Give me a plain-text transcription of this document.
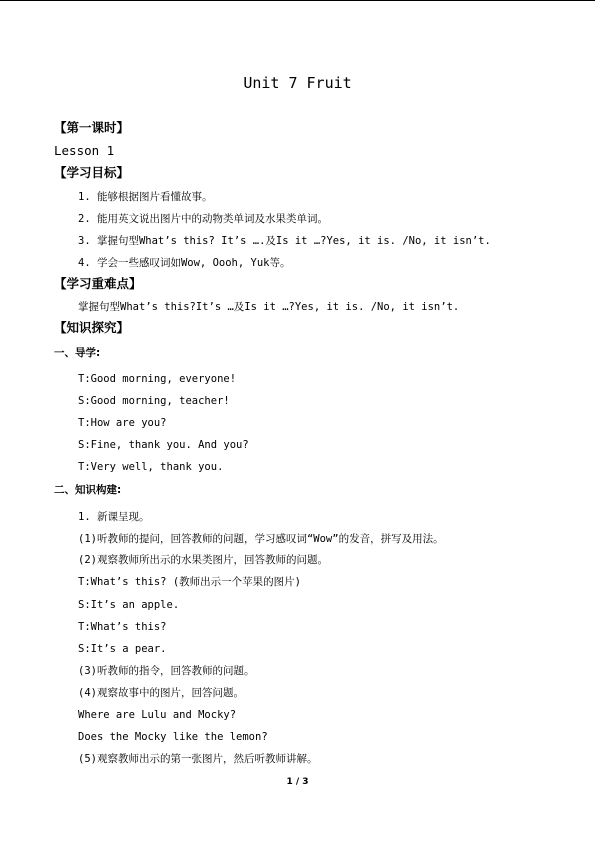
Unit 7 Fruit
【第一课时】
Lesson 1
【学习目标】
1. 能够根据图片看懂故事。
2. 能用英文说出图片中的动物类单词及水果类单词。
3. 掌握句型What’s this? It’s ….及Is it …?Yes, it is. /No, it isn’t.
4. 学会一些感叹词如Wow, Oooh, Yuk等。
【学习重难点】
掌握句型What’s this?It’s …及Is it …?Yes, it is. /No, it isn’t.
【知识探究】
一、导学:
T:Good morning, everyone!
S:Good morning, teacher!
T:How are you?
S:Fine, thank you. And you?
T:Very well, thank you.
二、知识构建:
1. 新课呈现。
(1)听教师的提问，回答教师的问题，学习感叹词“Wow”的发音，拼写及用法。
(2)观察教师所出示的水果类图片，回答教师的问题。
T:What’s this? (教师出示一个苹果的图片)
S:It’s an apple.
T:What’s this?
S:It’s a pear.
(3)听教师的指令，回答教师的问题。
(4)观察故事中的图片，回答问题。
Where are Lulu and Mocky?
Does the Mocky like the lemon?
(5)观察教师出示的第一张图片，然后听教师讲解。
1 / 3
